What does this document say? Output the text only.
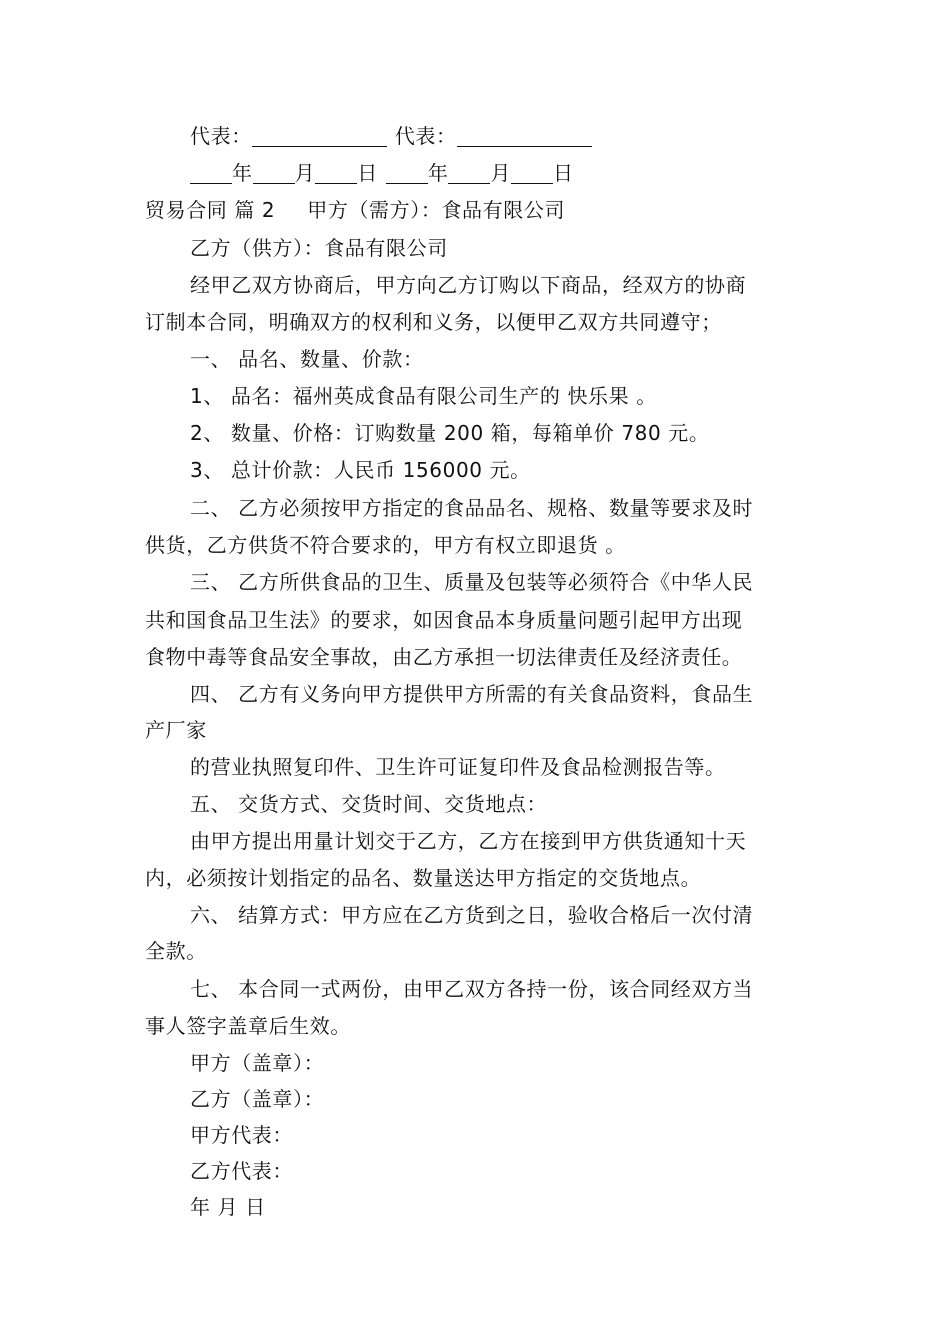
代表：	代表：
年 月 日	年 月 日
贸易合同 篇 2 甲方（需方）：食品有限公司
乙方（供方）：食品有限公司
经甲乙双方协商后，甲方向乙方订购以下商品，经双方的协商
订制本合同，明确双方的权利和义务，以便甲乙双方共同遵守；
一、 品名、数量、价款：
1、 品名：福州英成食品有限公司生产的 快乐果 。
2、 数量、价格：订购数量 200 箱，每箱单价 780 元。
3、 总计价款：人民币 156000 元。
二、 乙方必须按甲方指定的食品品名、规格、数量等要求及时
供货，乙方供货不符合要求的，甲方有权立即退货 。
三、 乙方所供食品的卫生、质量及包装等必须符合《中华人民
共和国食品卫生法》的要求，如因食品本身质量问题引起甲方出现
食物中毒等食品安全事故，由乙方承担一切法律责任及经济责任。
四、 乙方有义务向甲方提供甲方所需的有关食品资料，食品生
产厂家
的营业执照复印件、卫生许可证复印件及食品检测报告等。
五、 交货方式、交货时间、交货地点：
由甲方提出用量计划交于乙方，乙方在接到甲方供货通知十天
内，必须按计划指定的品名、数量送达甲方指定的交货地点。
六、 结算方式：甲方应在乙方货到之日，验收合格后一次付清
全款。
七、 本合同一式两份，由甲乙双方各持一份，该合同经双方当
事人签字盖章后生效。
甲方（盖章）：
乙方（盖章）：
甲方代表：
乙方代表：
年 月 日
